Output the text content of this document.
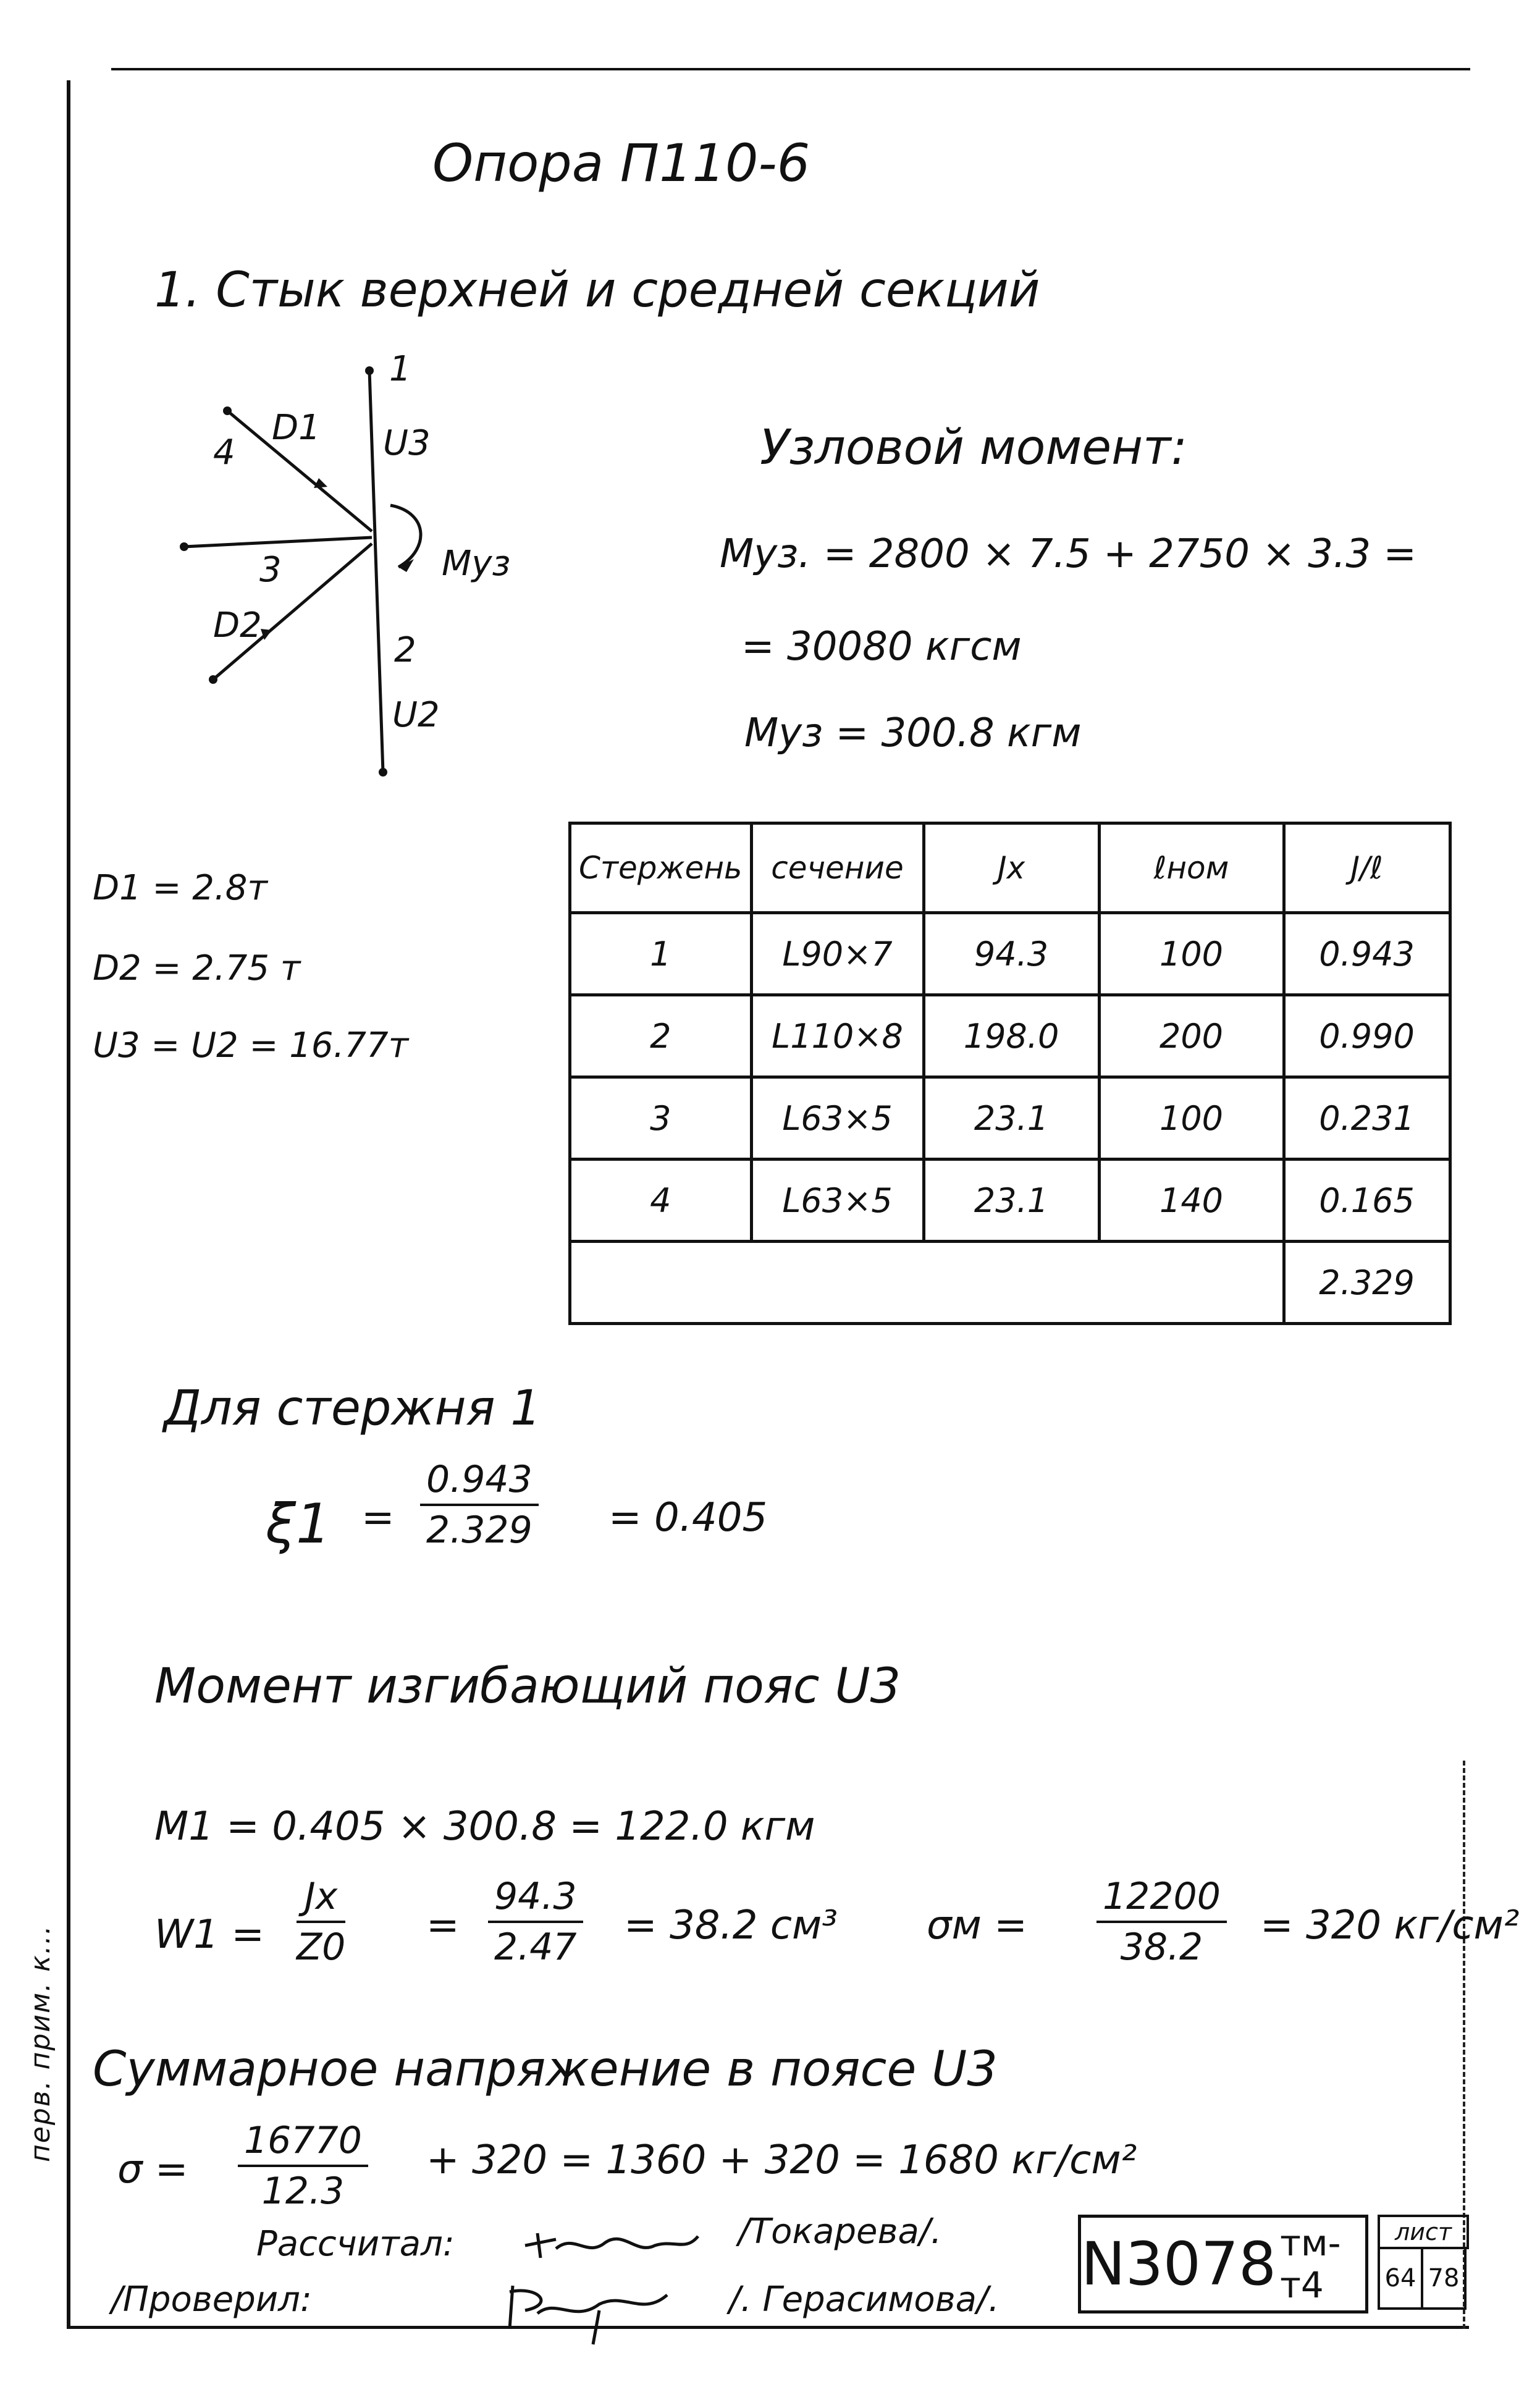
перв. прим. к...
Опора П110-6
1. Стык верхней и средней секций
1
U3
4
D1
3	Мyз
D2
2
U2
Узловой момент:
Мyз. = 2800 × 7.5 + 2750 × 3.3 =
= 30080 кгсм
Мyз = 300.8 кгм
D1 = 2.8т
D2 = 2.75 т
U3 = U2 = 16.77т
Стержень	сечение	Jx	ℓном	J/ℓ
1	L90×7	94.3	100	0.943
2	L110×8	198.0	200	0.990
3	L63×5	23.1	100	0.231
4	L63×5	23.1	140	0.165
				2.329
Для стержня 1
$\xi 1 = \frac{0.943}{2.329} = 0.405$
Момент изгибающий пояс U3
M1 = 0.405 × 300.8 = 122.0 кгм
$W1 = \frac{Jx}{Z0} = \frac{94.3}{2.47} = 38.2$ см³ $\sigma м = \frac{12200}{38.2} = 320$ кг/см²
Суммарное напряжение в поясе U3
$\sigma = \frac{16770}{12.3} + 320 = 1360 + 320 = 1680$ кг/см²
Рассчитал:	/Токарева/.
/Проверил:	/. Герасимова/.
N3078 тм-т4
лист
64 78
